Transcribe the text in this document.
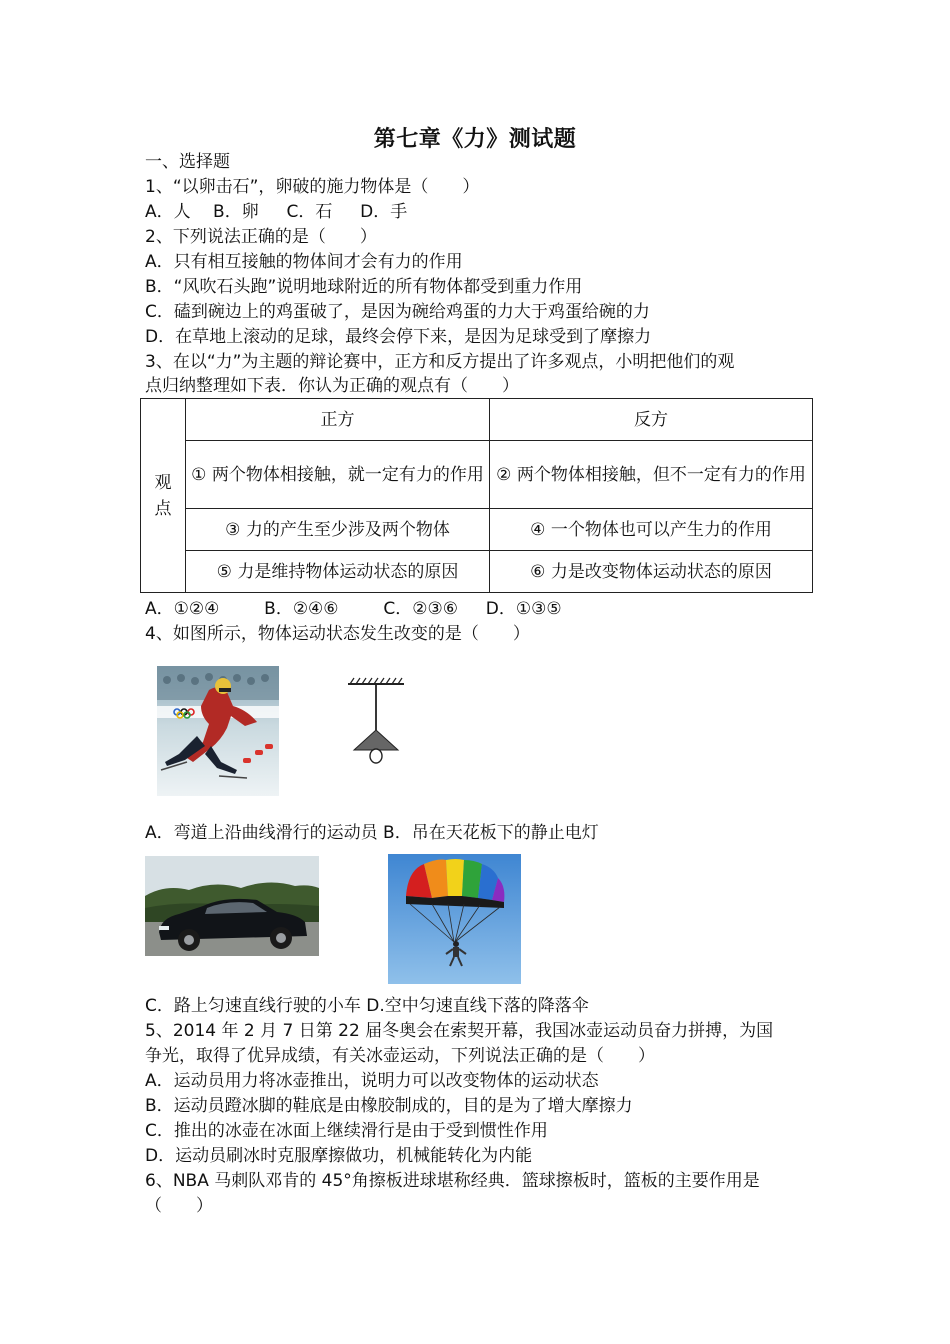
第七章《力》测试题
一、选择题
1、“以卵击石”，卵破的施力物体是（　　）
A．人　 B．卵 　 C．石 　 D．手
2、下列说法正确的是（　　）
A．只有相互接触的物体间才会有力的作用
B．“风吹石头跑”说明地球附近的所有物体都受到重力作用
C．磕到碗边上的鸡蛋破了，是因为碗给鸡蛋的力大于鸡蛋给碗的力
D．在草地上滚动的足球，最终会停下来，是因为足球受到了摩擦力
3、在以“力”为主题的辩论赛中，正方和反方提出了许多观点，小明把他们的观
点归纳整理如下表．你认为正确的观点有（　　）
观点	正方	反方
	① 两个物体相接触，就一定有力的作用	② 两个物体相接触，但不一定有力的作用
	③ 力的产生至少涉及两个物体	④ 一个物体也可以产生力的作用
	⑤ 力是维持物体运动状态的原因	⑥ 力是改变物体运动状态的原因
A．①②④ 　　 B．②④⑥ 　　 C．②③⑥ 　 D．①③⑤
4、如图所示，物体运动状态发生改变的是（　　）
A．弯道上沿曲线滑行的运动员 B．吊在天花板下的静止电灯
C．路上匀速直线行驶的小车 D.空中匀速直线下落的降落伞
5、2014 年 2 月 7 日第 22 届冬奥会在索契开幕，我国冰壶运动员奋力拼搏，为国
争光，取得了优异成绩，有关冰壶运动，下列说法正确的是（　　）
A．运动员用力将冰壶推出，说明力可以改变物体的运动状态
B．运动员蹬冰脚的鞋底是由橡胶制成的，目的是为了增大摩擦力
C．推出的冰壶在冰面上继续滑行是由于受到惯性作用
D．运动员刷冰时克服摩擦做功，机械能转化为内能
6、NBA 马刺队邓肯的 45°角擦板进球堪称经典．篮球擦板时，篮板的主要作用是
（　　）
